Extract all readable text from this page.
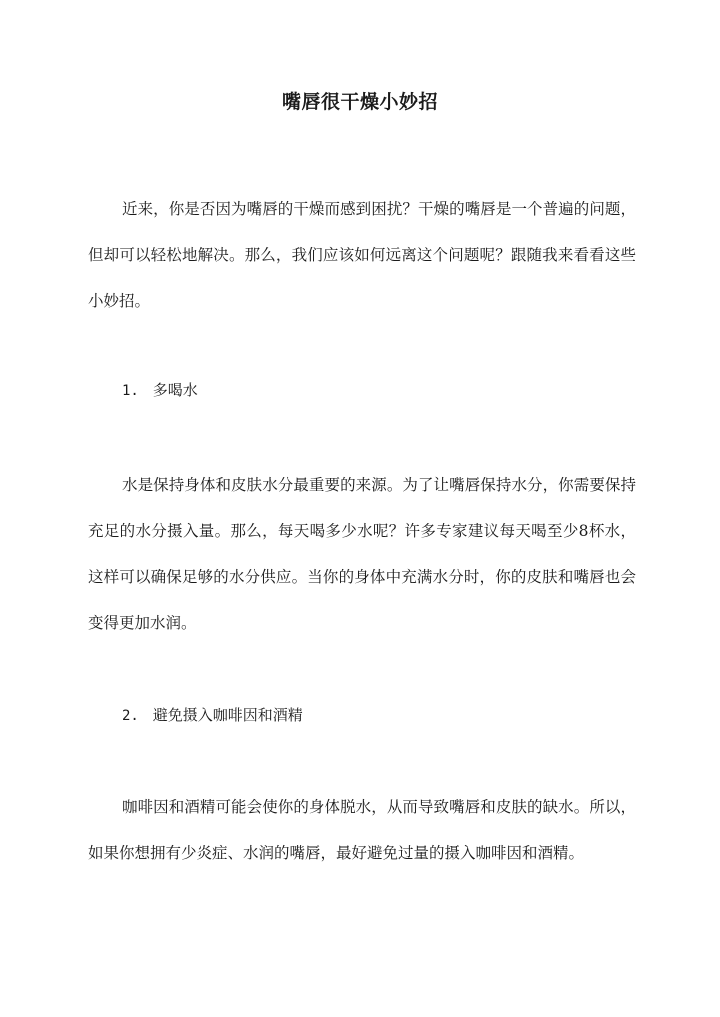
嘴唇很干燥小妙招

近来，你是否因为嘴唇的干燥而感到困扰？干燥的嘴唇是一个普遍的问题，但却可以轻松地解决。那么，我们应该如何远离这个问题呢？跟随我来看看这些小妙招。

1. 多喝水

水是保持身体和皮肤水分最重要的来源。为了让嘴唇保持水分，你需要保持充足的水分摄入量。那么，每天喝多少水呢？许多专家建议每天喝至少8杯水，这样可以确保足够的水分供应。当你的身体中充满水分时，你的皮肤和嘴唇也会变得更加水润。

2. 避免摄入咖啡因和酒精

咖啡因和酒精可能会使你的身体脱水，从而导致嘴唇和皮肤的缺水。所以，如果你想拥有少炎症、水润的嘴唇，最好避免过量的摄入咖啡因和酒精。
